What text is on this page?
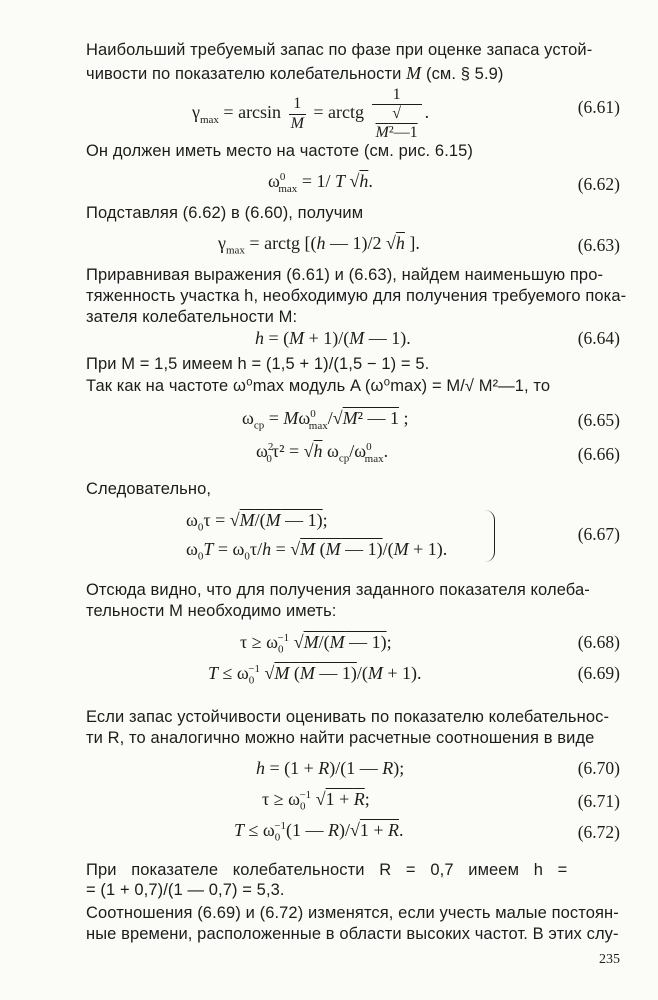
Наибольший требуемый запас по фазе при оценке запаса устой-
чивости по показателю колебательности M (см. § 5.9)
$\gamma_{max} = \arcsin \frac{1}{M}$ = arctg 1
√
M²—1 .	(6.61)
Он должен иметь место на частоте (см. рис. 6.15)
$\omega^0_{max} = 1/$ T √h.	(6.62)
Подставляя (6.62) в (6.60), получим
$\gamma_{max}$ = arctg [(h — 1)/2 √h ].	(6.63)
Приравнивая выражения (6.61) и (6.63), найдем наименьшую про-
тяженность участка h, необходимую для получения требуемого пока-
зателя колебательности M:
h = (M + 1)/(M — 1).	(6.64)
При M = 1,5 имеем h = (1,5 + 1)/(1,5 − 1) = 5.
Так как на частоте ω⁰max модуль A (ω⁰max) = M/√ M²—1, то
$\omega_{ср} = M\omega^0_{max}/√M^2$ — 1 ;	(6.65)
$\omega^2_0\tau^2 = √h$ $\omega_{ср}/\omega^0_{max}$.	(6.66)
Следовательно,
$\omega_0\tau = √M/(M$ — 1);
$\omega_0T = \omega_0\tau/h = √M$ (M — 1)/(M + 1).
(6.67)
Отсюда видно, что для получения заданного показателя колеба-
тельности M необходимо иметь:
$\tau \ge \omega_0^{-1}$ √M/(M — 1);	(6.68)
$T \le \omega_0^{-1}$ √M (M — 1)/(M + 1).	(6.69)
Если запас устойчивости оценивать по показателю колебательнос-
ти R, то аналогично можно найти расчетные соотношения в виде
h = (1 + R)/(1 — R);	(6.70)
$\tau \ge \omega_0^{-1}$ √1 + R;	(6.71)
$T \le \omega_0^{-1}(1$ — R)/√1 + R.	(6.72)
При показателе колебательности R = 0,7 имеем h =
= (1 + 0,7)/(1 — 0,7) = 5,3.
Соотношения (6.69) и (6.72) изменятся, если учесть малые постоян-
ные времени, расположенные в области высоких частот. В этих слу-
235
